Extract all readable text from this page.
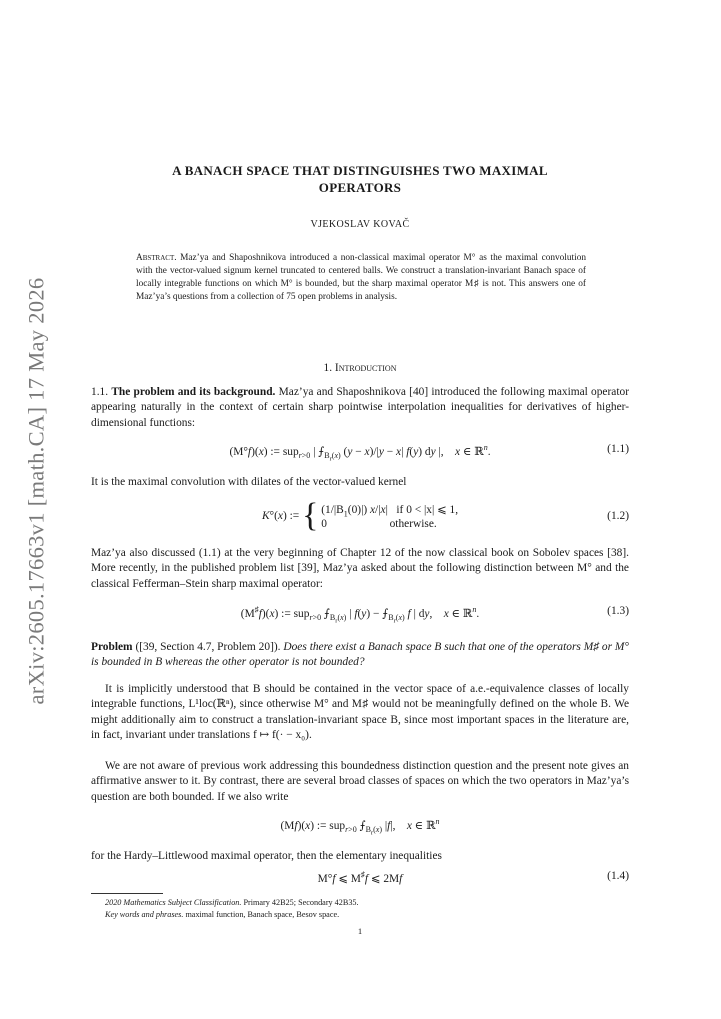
arXiv:2605.17663v1 [math.CA] 17 May 2026
A BANACH SPACE THAT DISTINGUISHES TWO MAXIMAL
OPERATORS
VJEKOSLAV KOVAČ
Abstract. Maz’ya and Shaposhnikova introduced a non-classical maximal operator M° as the maximal convolution with the vector-valued signum kernel truncated to centered balls. We construct a translation-invariant Banach space of locally integrable functions on which M° is bounded, but the sharp maximal operator M♯ is not. This answers one of Maz’ya’s questions from a collection of 75 open problems in analysis.
1. Introduction
1.1. The problem and its background. Maz’ya and Shaposhnikova [40] introduced the following maximal operator appearing naturally in the context of certain sharp pointwise interpolation inequalities for derivatives of higher-dimensional functions:
(M°f)(x) := sup$_{r>0}$ | $⨍_{B_r(x)}$ (y − x)/|y − x| f(y) dy |,    x ∈ ℝ$^n$.	(1.1)
It is the maximal convolution with dilates of the vector-valued kernel
K°(x) := { $(1/|B_1(0)|)$ x/|x|   if 0 < |x| ⩽ 1,
0	otherwise.
(1.2)
Maz’ya also discussed (1.1) at the very beginning of Chapter 12 of the now classical book on Sobolev spaces [38]. More recently, in the published problem list [39], Maz’ya asked about the following distinction between M° and the classical Fefferman–Stein sharp maximal operator:
(M♯f)(x) := sup$_{r>0}$ $⨍_{B_r(x)}$ | $f(y) - ⨍_{B_r(x)}$ f | dy,    x ∈ ℝ$^n$.	(1.3)
Problem ([39, Section 4.7, Problem 20]). Does there exist a Banach space B such that one of the operators M♯ or M° is bounded in B whereas the other operator is not bounded?
It is implicitly understood that B should be contained in the vector space of a.e.-equivalence classes of locally integrable functions, L¹loc(ℝⁿ), since otherwise M° and M♯ would not be meaningfully defined on the whole B. We might additionally aim to construct a translation-invariant space B, since most important spaces in the literature are, in fact, invariant under translations f ↦ f(· − x₀).
We are not aware of previous work addressing this boundedness distinction question and the present note gives an affirmative answer to it. By contrast, there are several broad classes of spaces on which the two operators in Maz’ya’s question are both bounded. If we also write
(Mf)(x) := sup$_{r>0}$ $⨍_{B_r(x)}$ |f|,    x ∈ ℝ$^n$
for the Hardy–Littlewood maximal operator, then the elementary inequalities
M°f ⩽ M♯f ⩽ 2Mf	(1.4)
2020 Mathematics Subject Classification. Primary 42B25; Secondary 42B35.
Key words and phrases. maximal function, Banach space, Besov space.
1
